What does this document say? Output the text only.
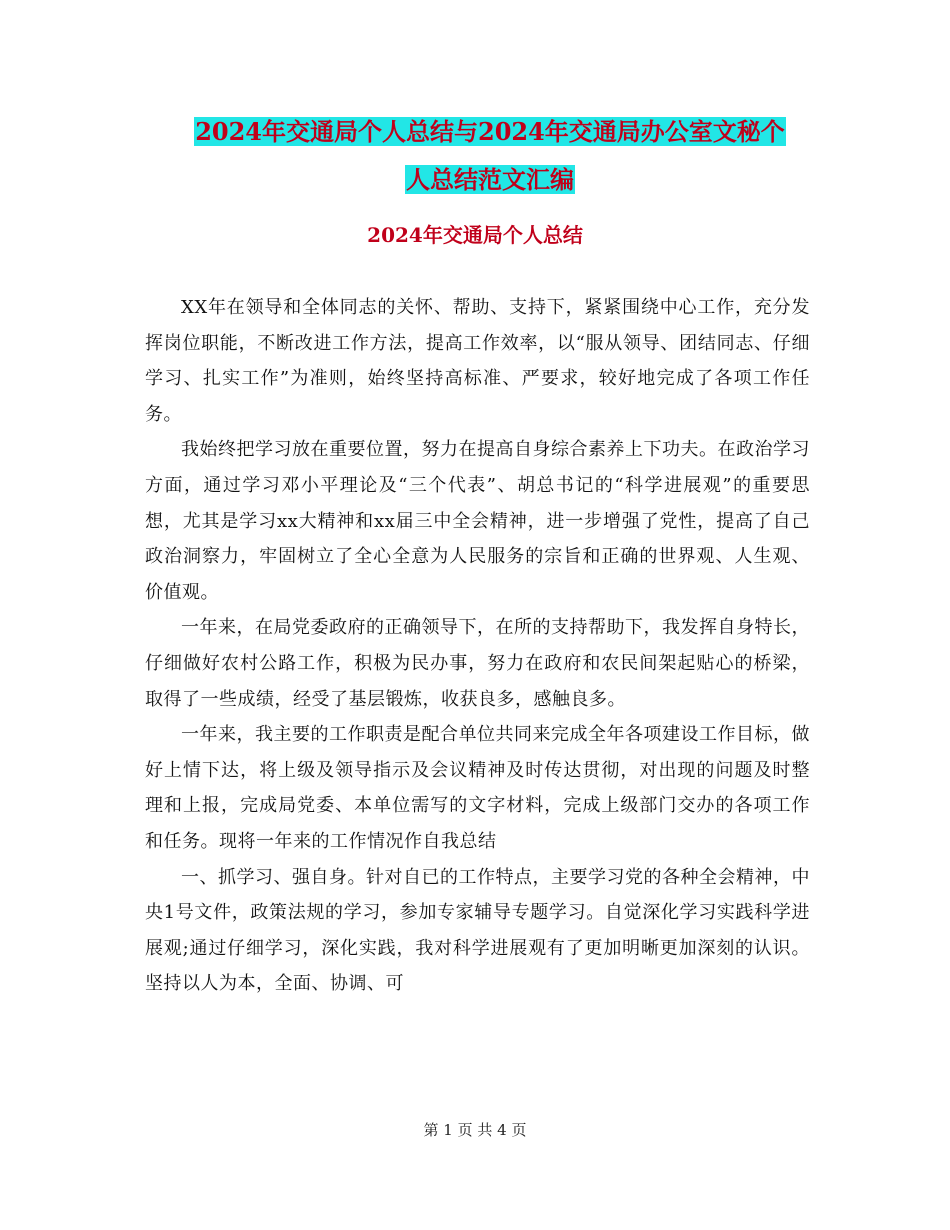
2024年交通局个人总结与2024年交通局办公室文秘个
人总结范文汇编
2024年交通局个人总结

XX年在领导和全体同志的关怀、帮助、支持下，紧紧围绕中心工作，充分发挥岗位职能，不断改进工作方法，提高工作效率，以“服从领导、团结同志、仔细学习、扎实工作”为准则，始终坚持高标准、严要求，较好地完成了各项工作任务。

我始终把学习放在重要位置，努力在提高自身综合素养上下功夫。在政治学习方面，通过学习邓小平理论及“三个代表”、胡总书记的“科学进展观”的重要思想，尤其是学习xx大精神和xx届三中全会精神，进一步增强了党性，提高了自己政治洞察力，牢固树立了全心全意为人民服务的宗旨和正确的世界观、人生观、价值观。

一年来，在局党委政府的正确领导下，在所的支持帮助下，我发挥自身特长，仔细做好农村公路工作，积极为民办事，努力在政府和农民间架起贴心的桥梁，取得了一些成绩，经受了基层锻炼，收获良多，感触良多。

一年来，我主要的工作职责是配合单位共同来完成全年各项建设工作目标，做好上情下达，将上级及领导指示及会议精神及时传达贯彻，对出现的问题及时整理和上报，完成局党委、本单位需写的文字材料，完成上级部门交办的各项工作和任务。现将一年来的工作情况作自我总结

一、抓学习、强自身。针对自已的工作特点，主要学习党的各种全会精神，中央1号文件，政策法规的学习，参加专家辅导专题学习。自觉深化学习实践科学进展观;通过仔细学习，深化实践，我对科学进展观有了更加明晰更加深刻的认识。坚持以人为本，全面、协调、可

第 1 页 共 4 页
